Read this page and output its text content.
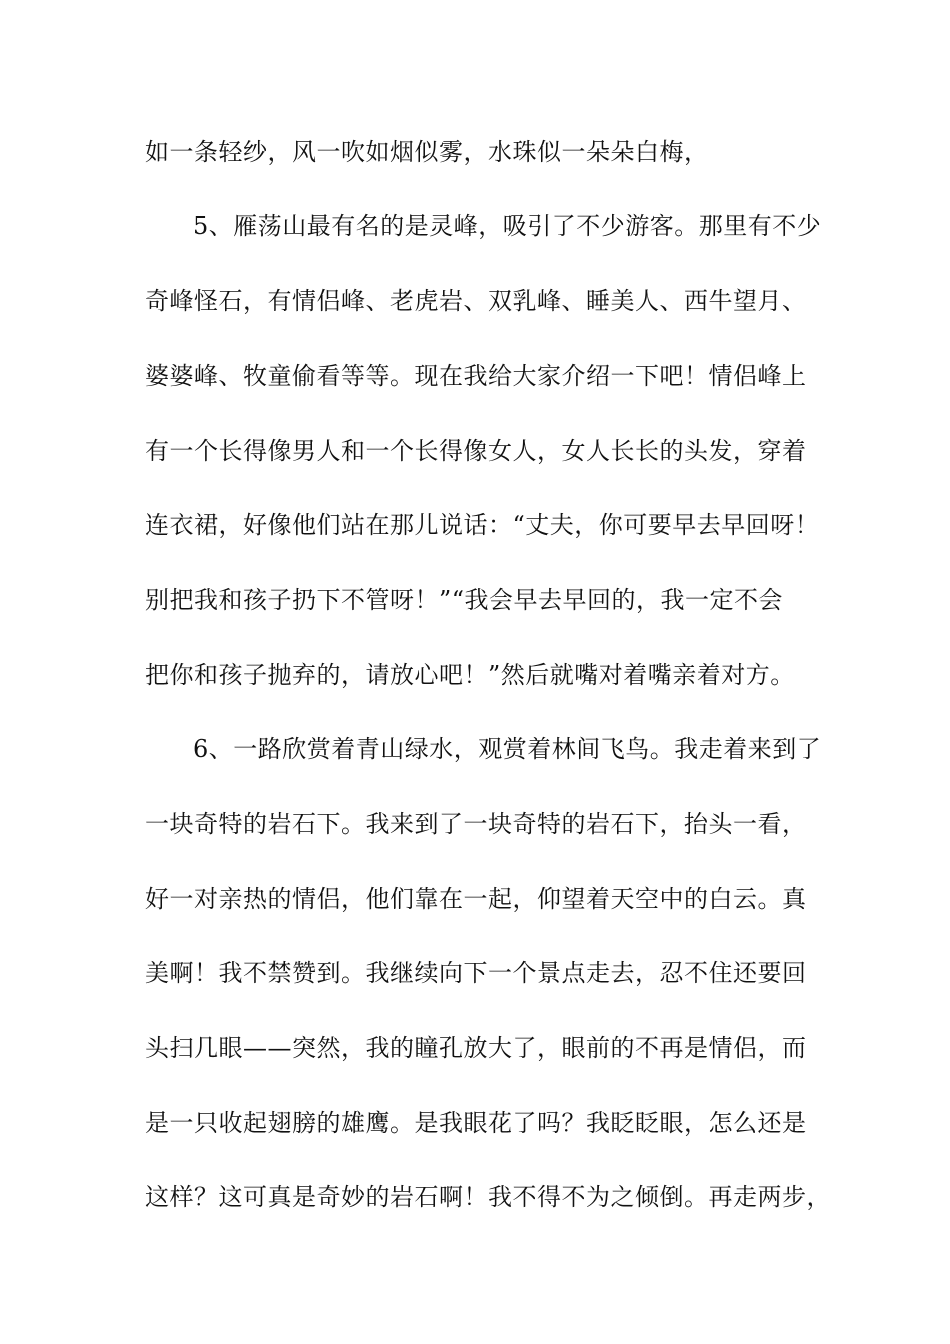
如一条轻纱，风一吹如烟似雾，水珠似一朵朵白梅，
5、雁荡山最有名的是灵峰，吸引了不少游客。那里有不少
奇峰怪石，有情侣峰、老虎岩、双乳峰、睡美人、西牛望月、
婆婆峰、牧童偷看等等。现在我给大家介绍一下吧！情侣峰上
有一个长得像男人和一个长得像女人，女人长长的头发，穿着
连衣裙，好像他们站在那儿说话：“丈夫，你可要早去早回呀！
别把我和孩子扔下不管呀！”“我会早去早回的，我一定不会
把你和孩子抛弃的，请放心吧！”然后就嘴对着嘴亲着对方。
6、一路欣赏着青山绿水，观赏着林间飞鸟。我走着来到了
一块奇特的岩石下。我来到了一块奇特的岩石下，抬头一看，
好一对亲热的情侣，他们靠在一起，仰望着天空中的白云。真
美啊！我不禁赞到。我继续向下一个景点走去，忍不住还要回
头扫几眼——突然，我的瞳孔放大了，眼前的不再是情侣，而
是一只收起翅膀的雄鹰。是我眼花了吗？我眨眨眼，怎么还是
这样？这可真是奇妙的岩石啊！我不得不为之倾倒。再走两步，
